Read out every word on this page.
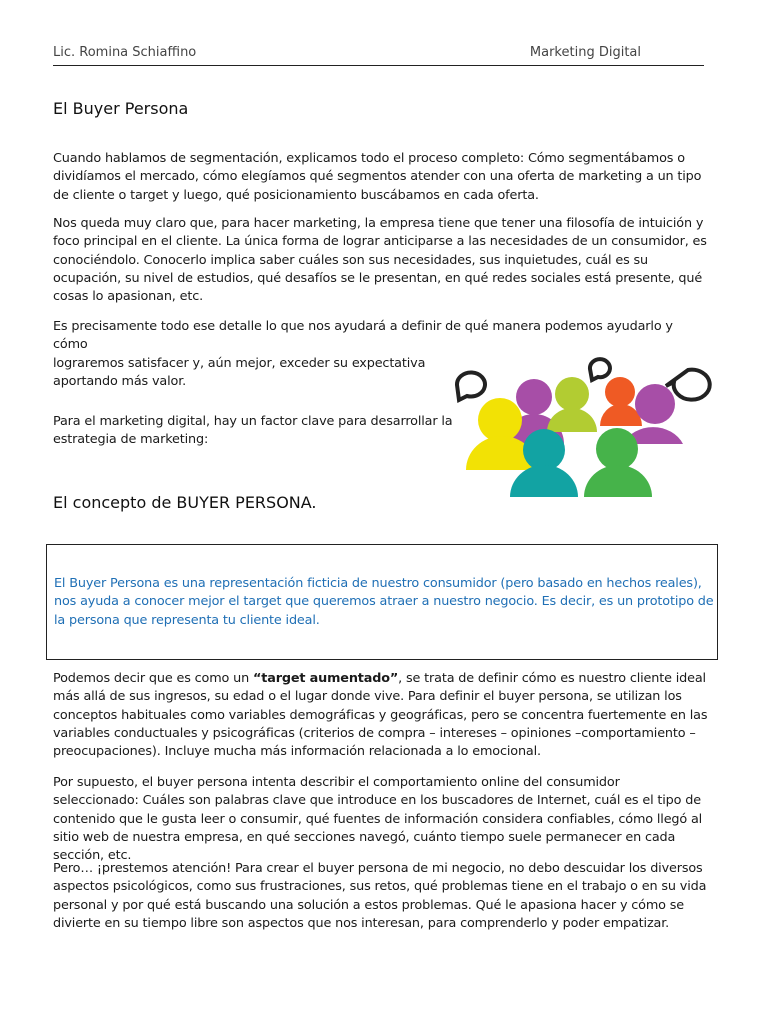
Lic. Romina Schiaffino	Marketing Digital
El Buyer Persona

Cuando hablamos de segmentación, explicamos todo el proceso completo: Cómo segmentábamos o dividíamos el mercado, cómo elegíamos qué segmentos atender con una oferta de marketing a un tipo de cliente o target y luego, qué posicionamiento buscábamos en cada oferta.

Nos queda muy claro que, para hacer marketing, la empresa tiene que tener una filosofía de intuición y foco principal en el cliente. La única forma de lograr anticiparse a las necesidades de un consumidor, es conociéndolo. Conocerlo implica saber cuáles son sus necesidades, sus inquietudes, cuál es su ocupación, su nivel de estudios, qué desafíos se le presentan, en qué redes sociales está presente, qué cosas lo apasionan, etc.

Es precisamente todo ese detalle lo que nos ayudará a definir de qué manera podemos ayudarlo y cómo
lograremos satisfacer y, aún mejor, exceder su expectativa
aportando más valor.

Para el marketing digital, hay un factor clave para desarrollar la estrategia de marketing:

El concepto de BUYER PERSONA.
El Buyer Persona es una representación ficticia de nuestro consumidor (pero basado en hechos reales), nos ayuda a conocer mejor el target que queremos atraer a nuestro negocio. Es decir, es un prototipo de la persona que representa tu cliente ideal.

Podemos decir que es como un “target aumentado”, se trata de definir cómo es nuestro cliente ideal más allá de sus ingresos, su edad o el lugar donde vive. Para definir el buyer persona, se utilizan los conceptos habituales como variables demográficas y geográficas, pero se concentra fuertemente en las variables conductuales y psicográficas (criterios de compra – intereses – opiniones –comportamiento – preocupaciones). Incluye mucha más información relacionada a lo emocional.

Por supuesto, el buyer persona intenta describir el comportamiento online del consumidor seleccionado: Cuáles son palabras clave que introduce en los buscadores de Internet, cuál es el tipo de contenido que le gusta leer o consumir, qué fuentes de información considera confiables, cómo llegó al sitio web de nuestra empresa, en qué secciones navegó, cuánto tiempo suele permanecer en cada sección, etc.

Pero… ¡prestemos atención! Para crear el buyer persona de mi negocio, no debo descuidar los diversos aspectos psicológicos, como sus frustraciones, sus retos, qué problemas tiene en el trabajo o en su vida personal y por qué está buscando una solución a estos problemas. Qué le apasiona hacer y cómo se divierte en su tiempo libre son aspectos que nos interesan, para comprenderlo y poder empatizar.
